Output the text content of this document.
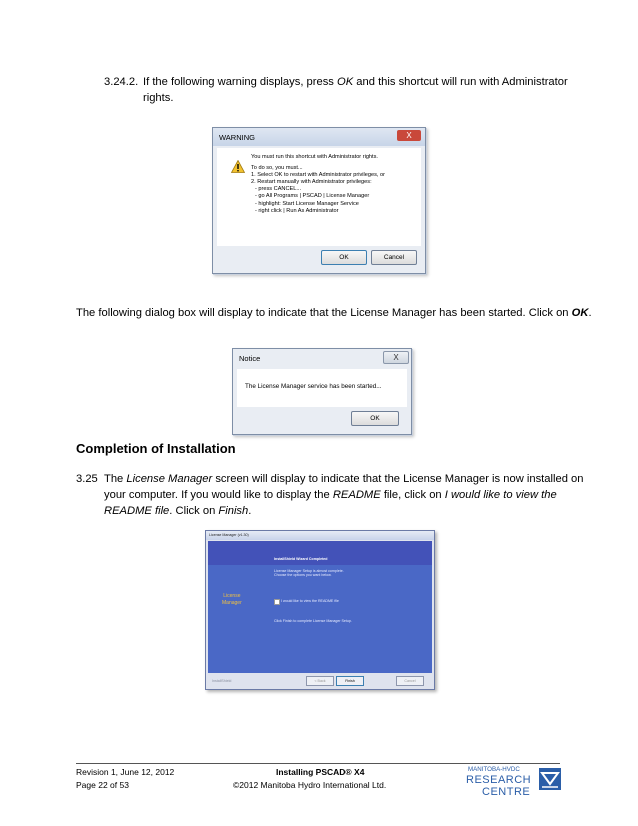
3.24.2. If the following warning displays, press OK and this shortcut will run with Administrator
rights.
WARNING	X
You must run this shortcut with Administrator rights.
To do so, you must...
1. Select OK to restart with Administrator privileges, or
2. Restart manually with Administrator privileges:
- press CANCEL...
- go All Programs | PSCAD | License Manager
- highlight: Start License Manager Service
- right click | Run As Administrator
OK	Cancel
The following dialog box will display to indicate that the License Manager has been started. Click on OK.
Notice	X
The License Manager service has been started...
OK
Completion of Installation
3.25 The License Manager screen will display to indicate that the License Manager is now installed on
your computer. If you would like to display the README file, click on I would like to view the
README file. Click on Finish.
License Manager (v1.30)
License
Manager
InstallShield Wizard Completed
License Manager Setup is almost complete.
Choose the options you want below.
I would like to view the README file
Click Finish to complete License Manager Setup.
InstallShield	< Back	Finish	Cancel
Revision 1, June 12, 2012
Page 22 of 53
Installing PSCAD® X4
©2012 Manitoba Hydro International Ltd.
MANITOBA-HVDC
RESEARCH
CENTRE
